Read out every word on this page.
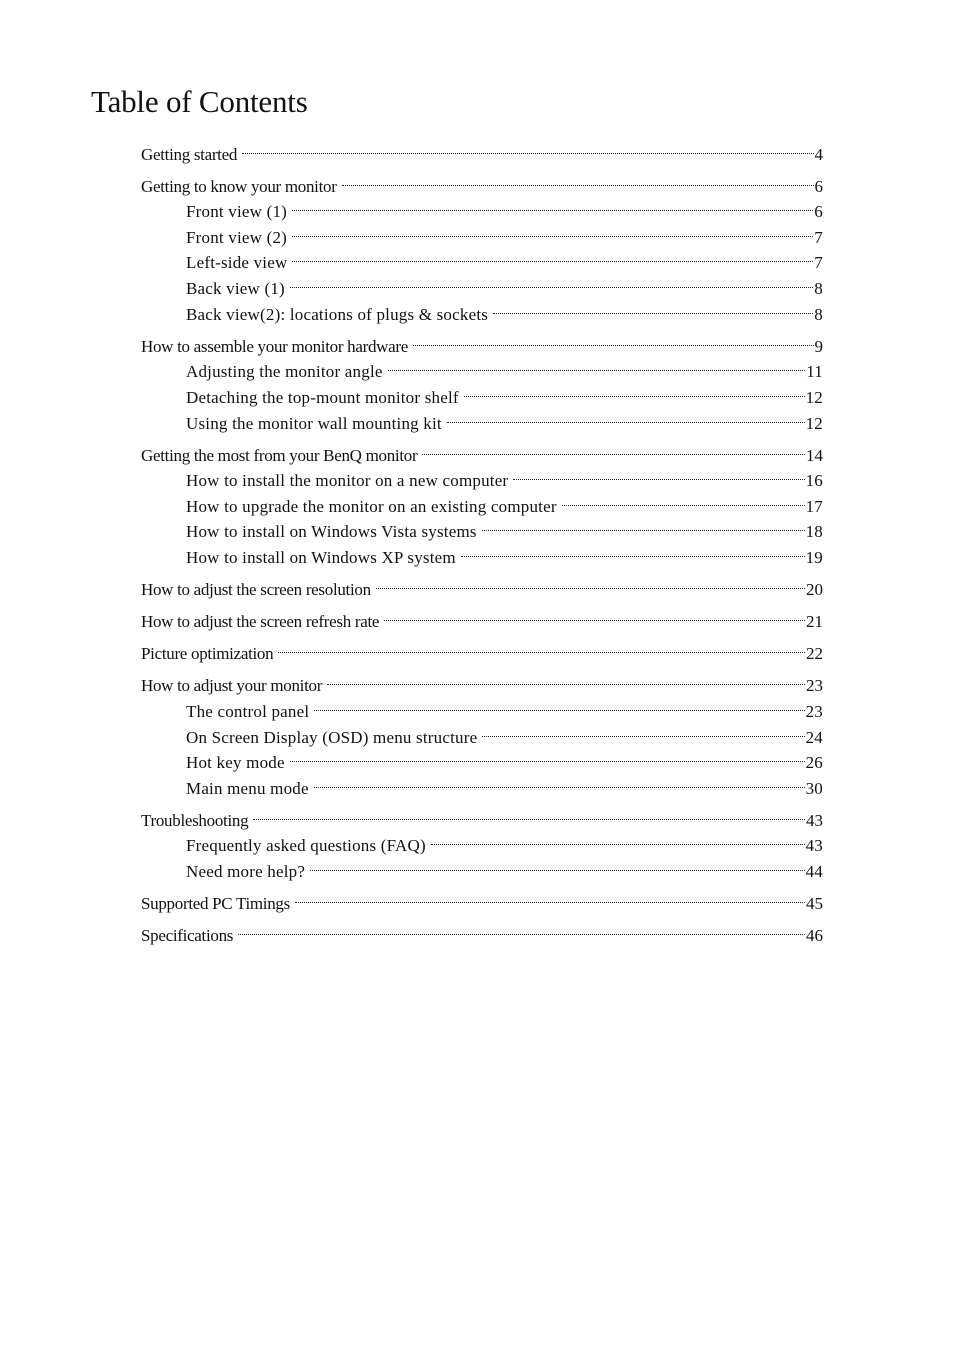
Table of Contents
Getting started	4
Getting to know your monitor	6
Front view (1)	6
Front view (2)	7
Left-side view	7
Back view (1)	8
Back view(2): locations of plugs & sockets	8
How to assemble your monitor hardware	9
Adjusting the monitor angle	11
Detaching the top-mount monitor shelf	12
Using the monitor wall mounting kit	12
Getting the most from your BenQ monitor	14
How to install the monitor on a new computer	16
How to upgrade the monitor on an existing computer	17
How to install on Windows Vista systems	18
How to install on Windows XP system	19
How to adjust the screen resolution	20
How to adjust the screen refresh rate	21
Picture optimization	22
How to adjust your monitor	23
The control panel	23
On Screen Display (OSD) menu structure	24
Hot key mode	26
Main menu mode	30
Troubleshooting	43
Frequently asked questions (FAQ)	43
Need more help?	44
Supported PC Timings	45
Specifications	46
